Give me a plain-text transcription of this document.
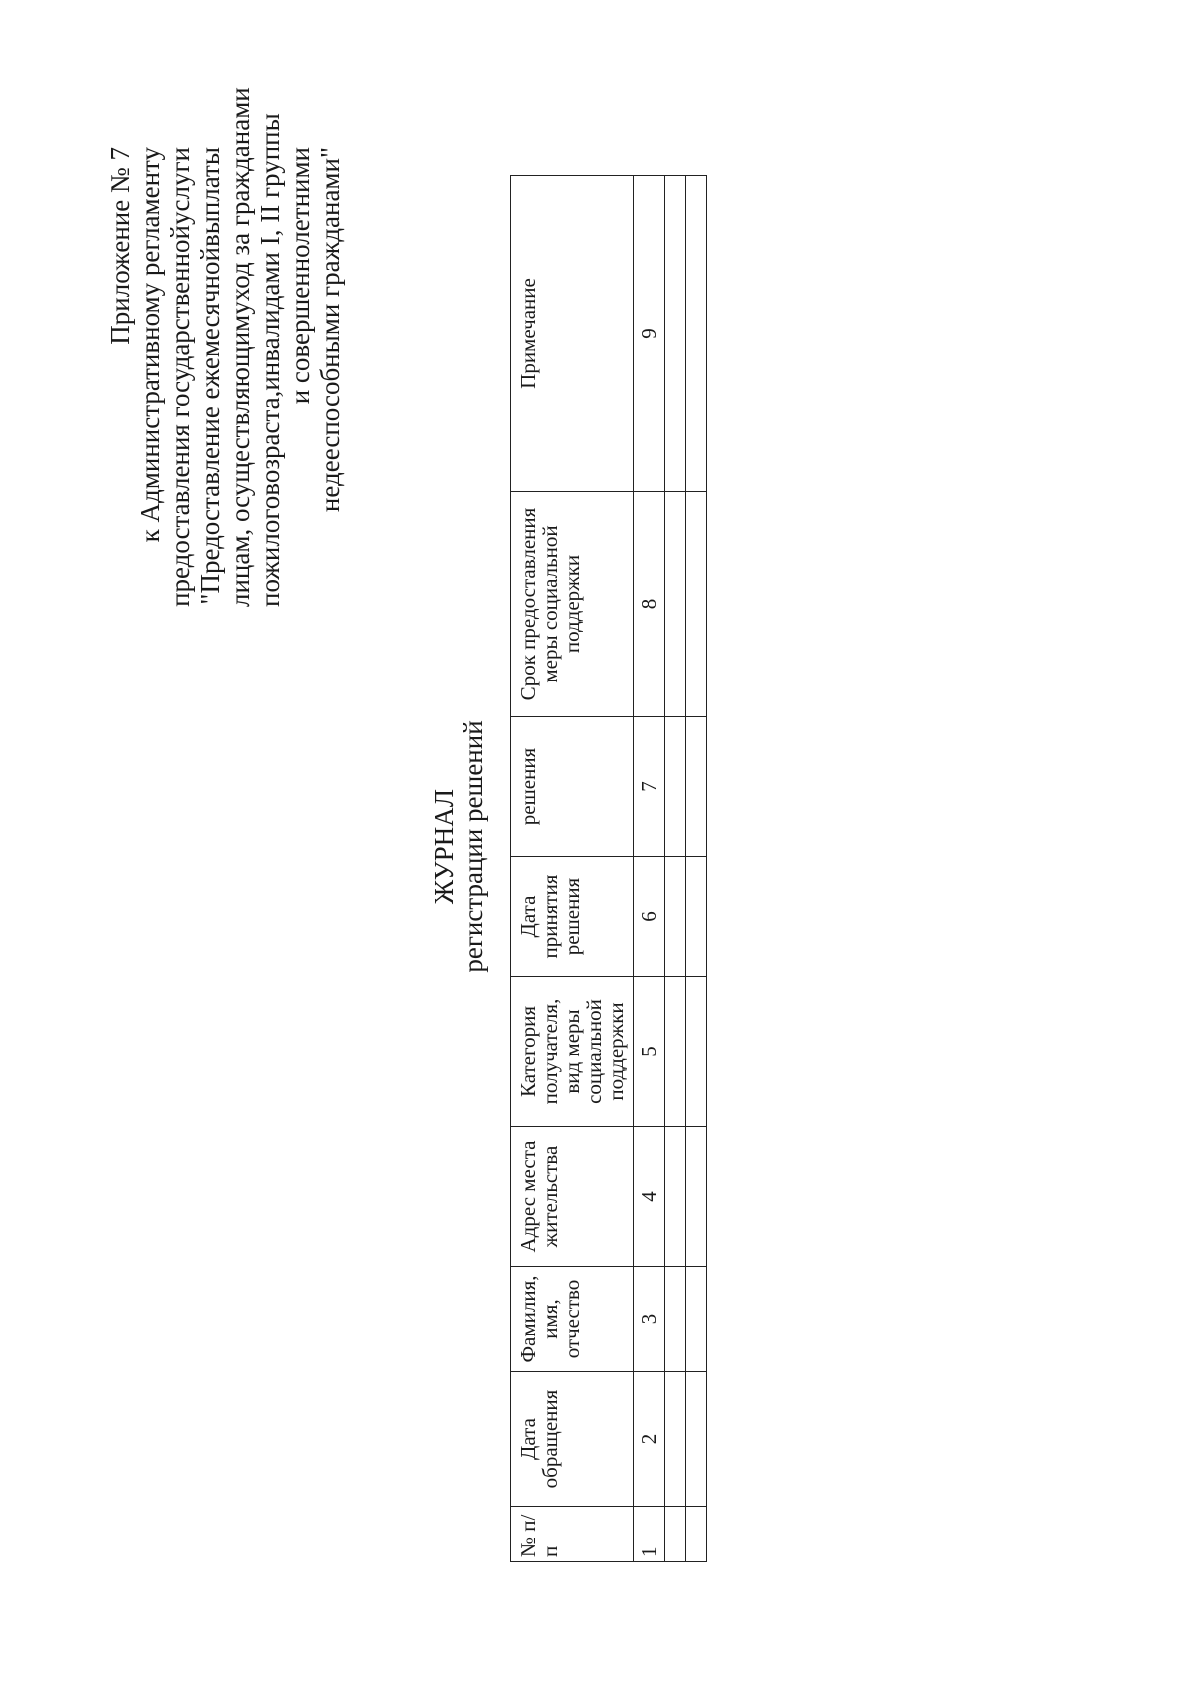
Приложение № 7 к Административному регламенту предоставления государственнойуслуги "Предоставление ежемесячнойвыплаты лицам, осуществляющимуход за гражданами пожилоговозраста,инвалидами I, II группы и совершеннолетними недееспособными гражданами"
ЖУРНАЛ регистрации решений
№ п/п	Дата обращения	Фамилия, имя, отчество	Адрес места жительства	Категория получателя, вид меры социальной поддержки	Дата принятия решения	решения	Срок предоставления меры социальной поддержки	Примечание
1	2	3	4	5	6	7	8	9
